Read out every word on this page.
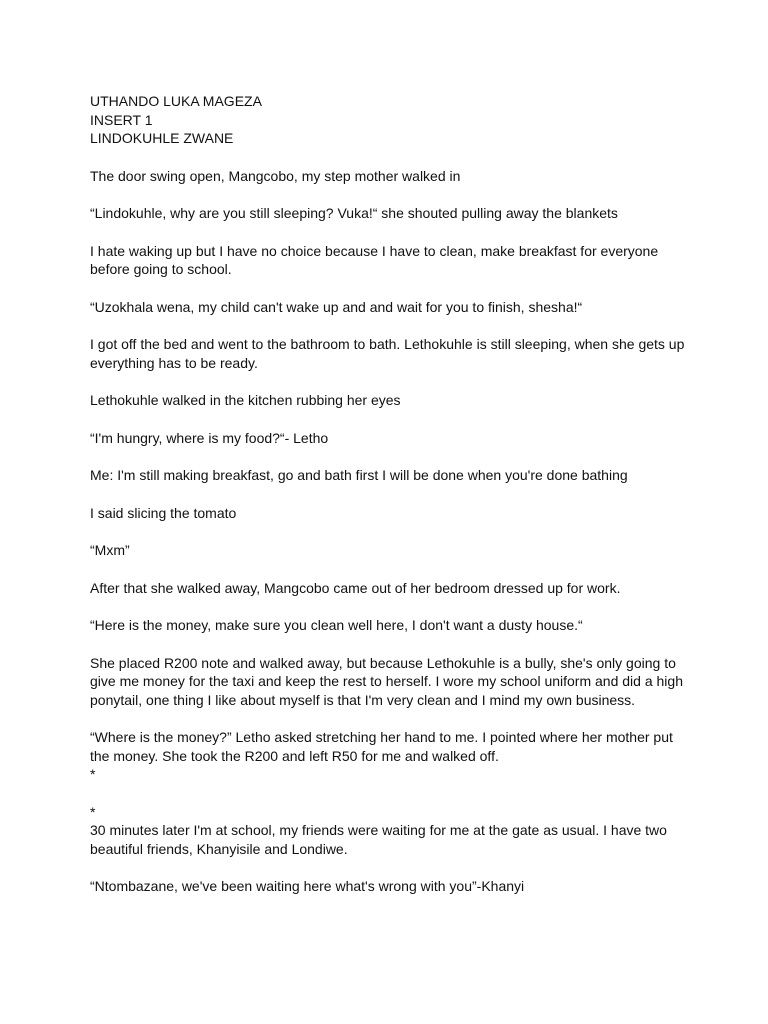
UTHANDO LUKA MAGEZA

INSERT 1

LINDOKUHLE ZWANE

The door swing open, Mangcobo, my step mother walked in

“Lindokuhle, why are you still sleeping? Vuka!“ she shouted pulling away the blankets

I hate waking up but I have no choice because I have to clean, make breakfast for everyone before going to school.

“Uzokhala wena, my child can't wake up and and wait for you to finish, shesha!“

I got off the bed and went to the bathroom to bath. Lethokuhle is still sleeping, when she gets up everything has to be ready.

Lethokuhle walked in the kitchen rubbing her eyes

“I'm hungry, where is my food?“- Letho

Me: I'm still making breakfast, go and bath first I will be done when you're done bathing

I said slicing the tomato

“Mxm”

After that she walked away, Mangcobo came out of her bedroom dressed up for work.

“Here is the money, make sure you clean well here, I don't want a dusty house.“

She placed R200 note and walked away, but because Lethokuhle is a bully, she's only going to give me money for the taxi and keep the rest to herself. I wore my school uniform and did a high ponytail, one thing I like about myself is that I'm very clean and I mind my own business.

“Where is the money?” Letho asked stretching her hand to me. I pointed where her mother put the money. She took the R200 and left R50 for me and walked off.

*

*

30 minutes later I'm at school, my friends were waiting for me at the gate as usual. I have two beautiful friends, Khanyisile and Londiwe.

“Ntombazane, we've been waiting here what's wrong with you”-Khanyi
